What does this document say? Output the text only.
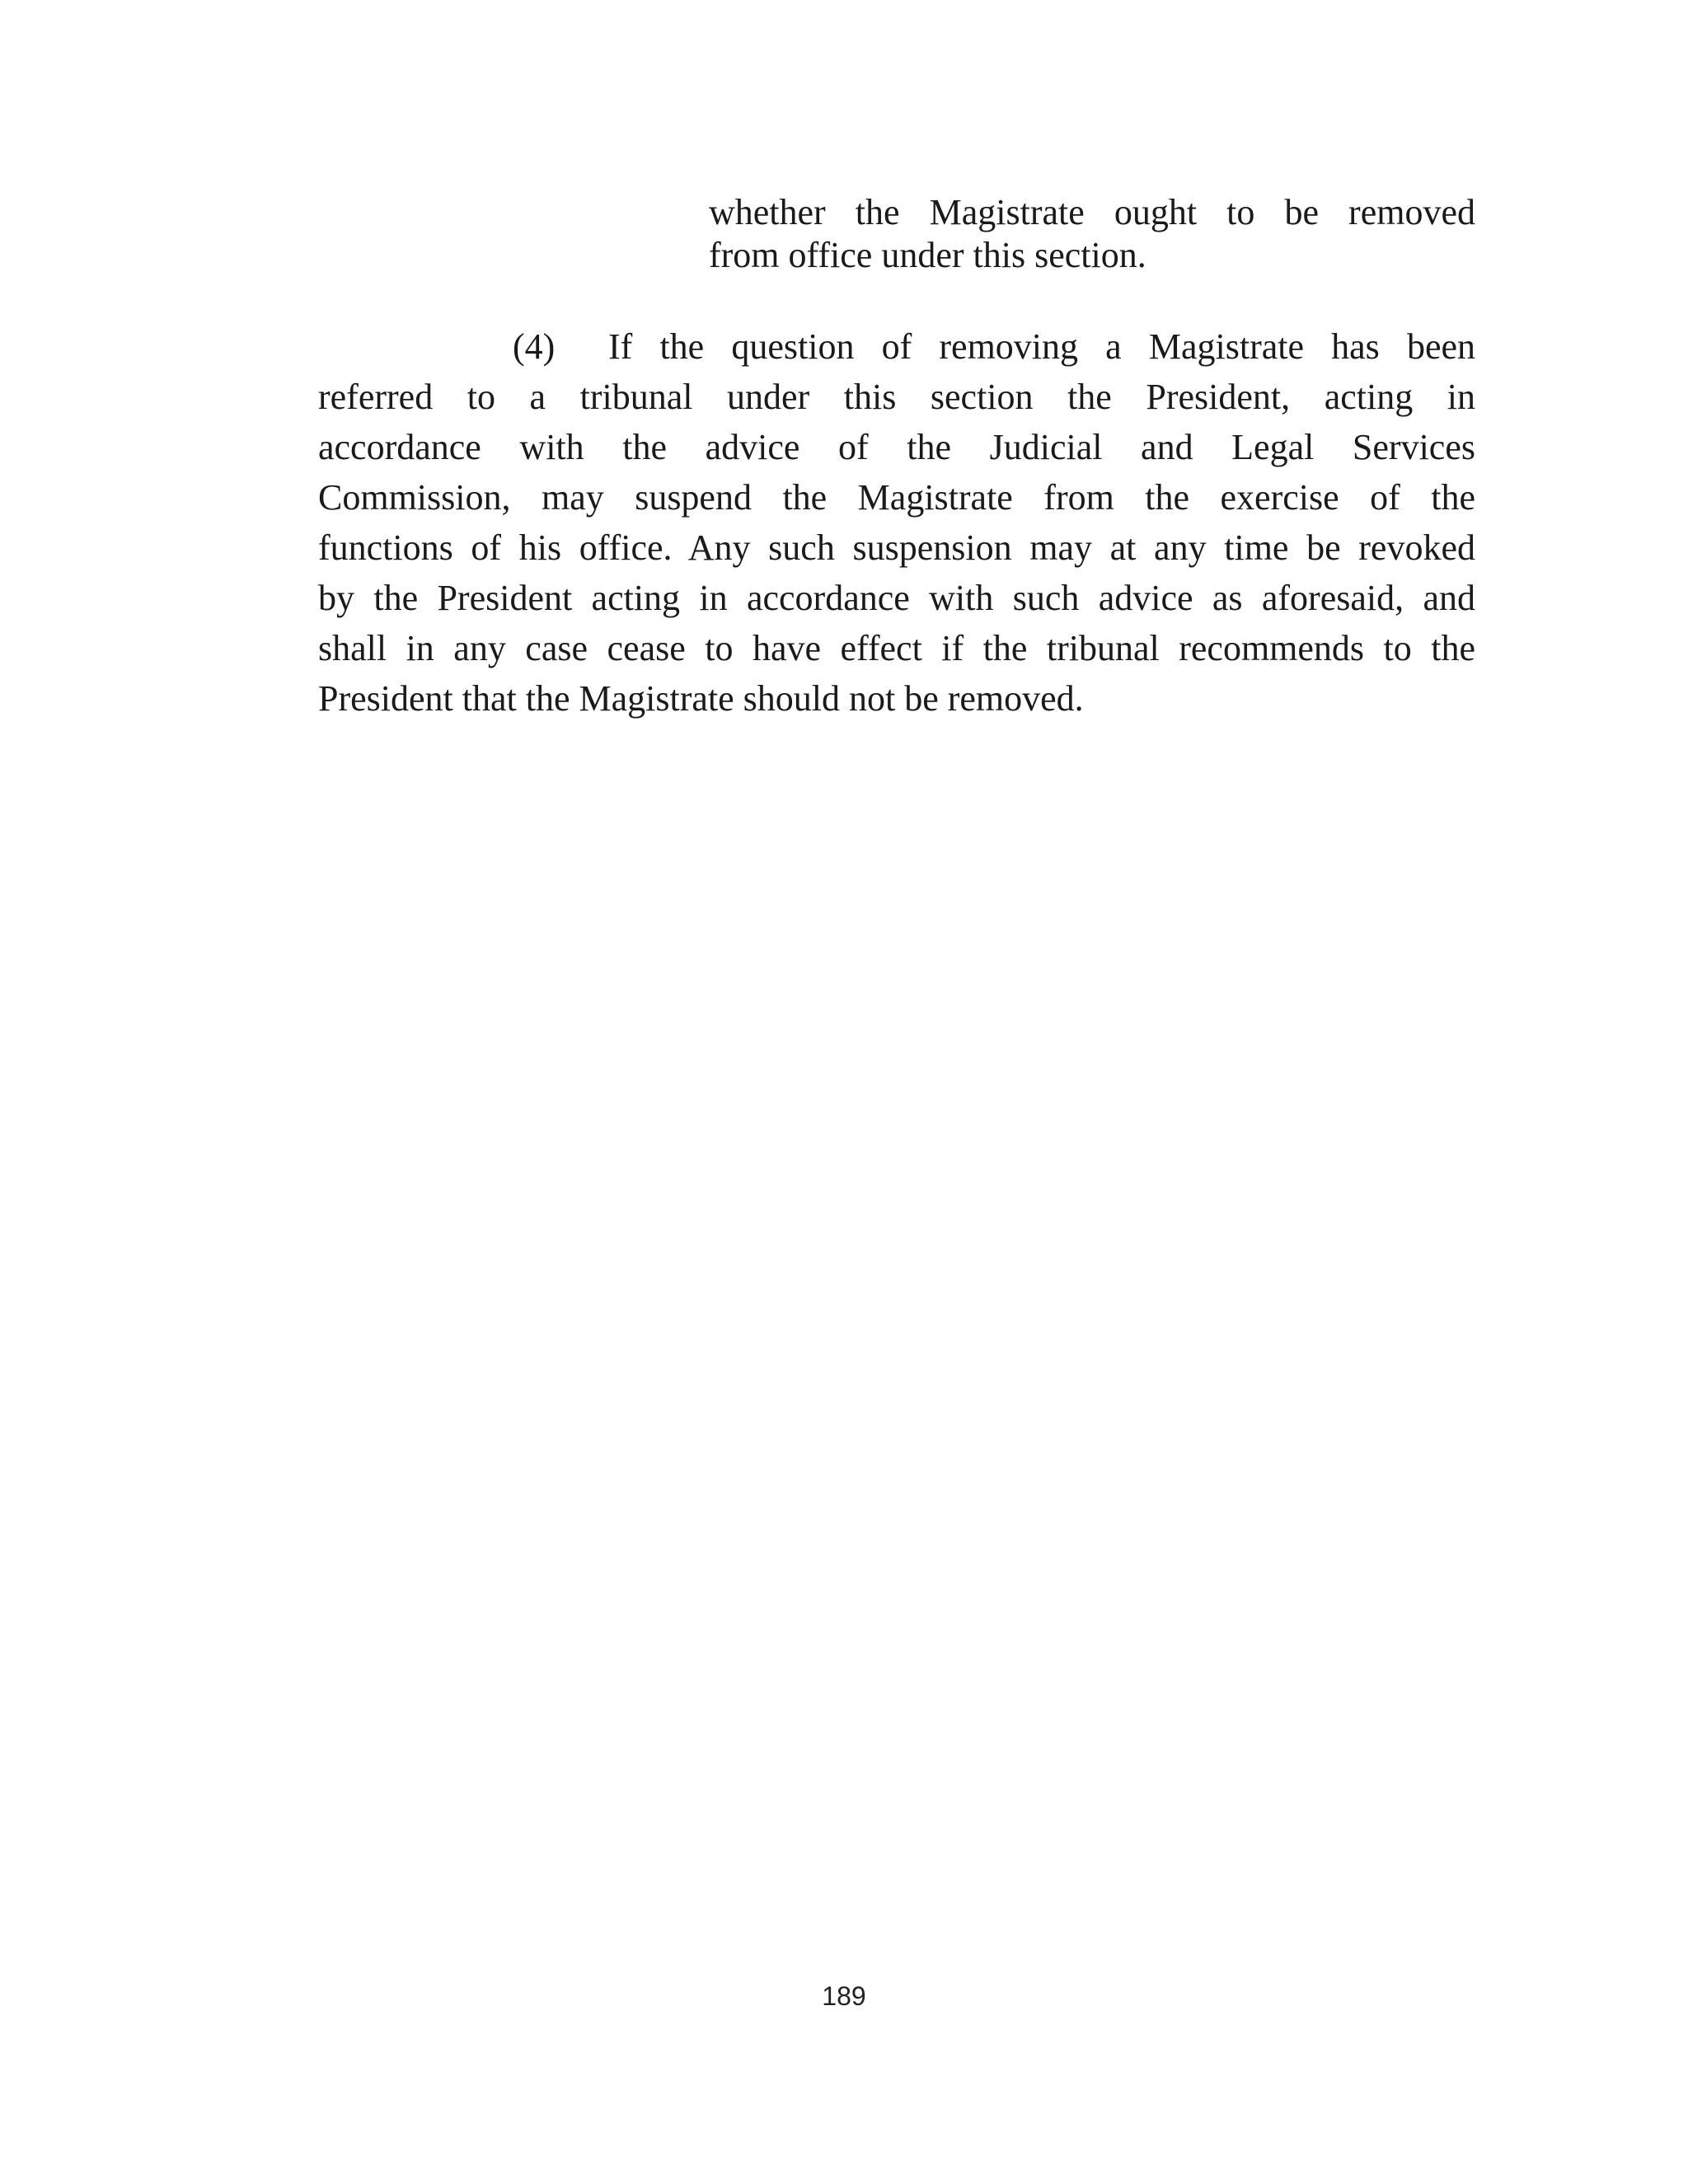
whether the Magistrate ought to be removed
from office under this section.

(4) If the question of removing a Magistrate has been
referred to a tribunal under this section the President, acting in
accordance with the advice of the Judicial and Legal Services
Commission, may suspend the Magistrate from the exercise of the
functions of his office. Any such suspension may at any time be revoked
by the President acting in accordance with such advice as aforesaid, and
shall in any case cease to have effect if the tribunal recommends to the
President that the Magistrate should not be removed.
189
